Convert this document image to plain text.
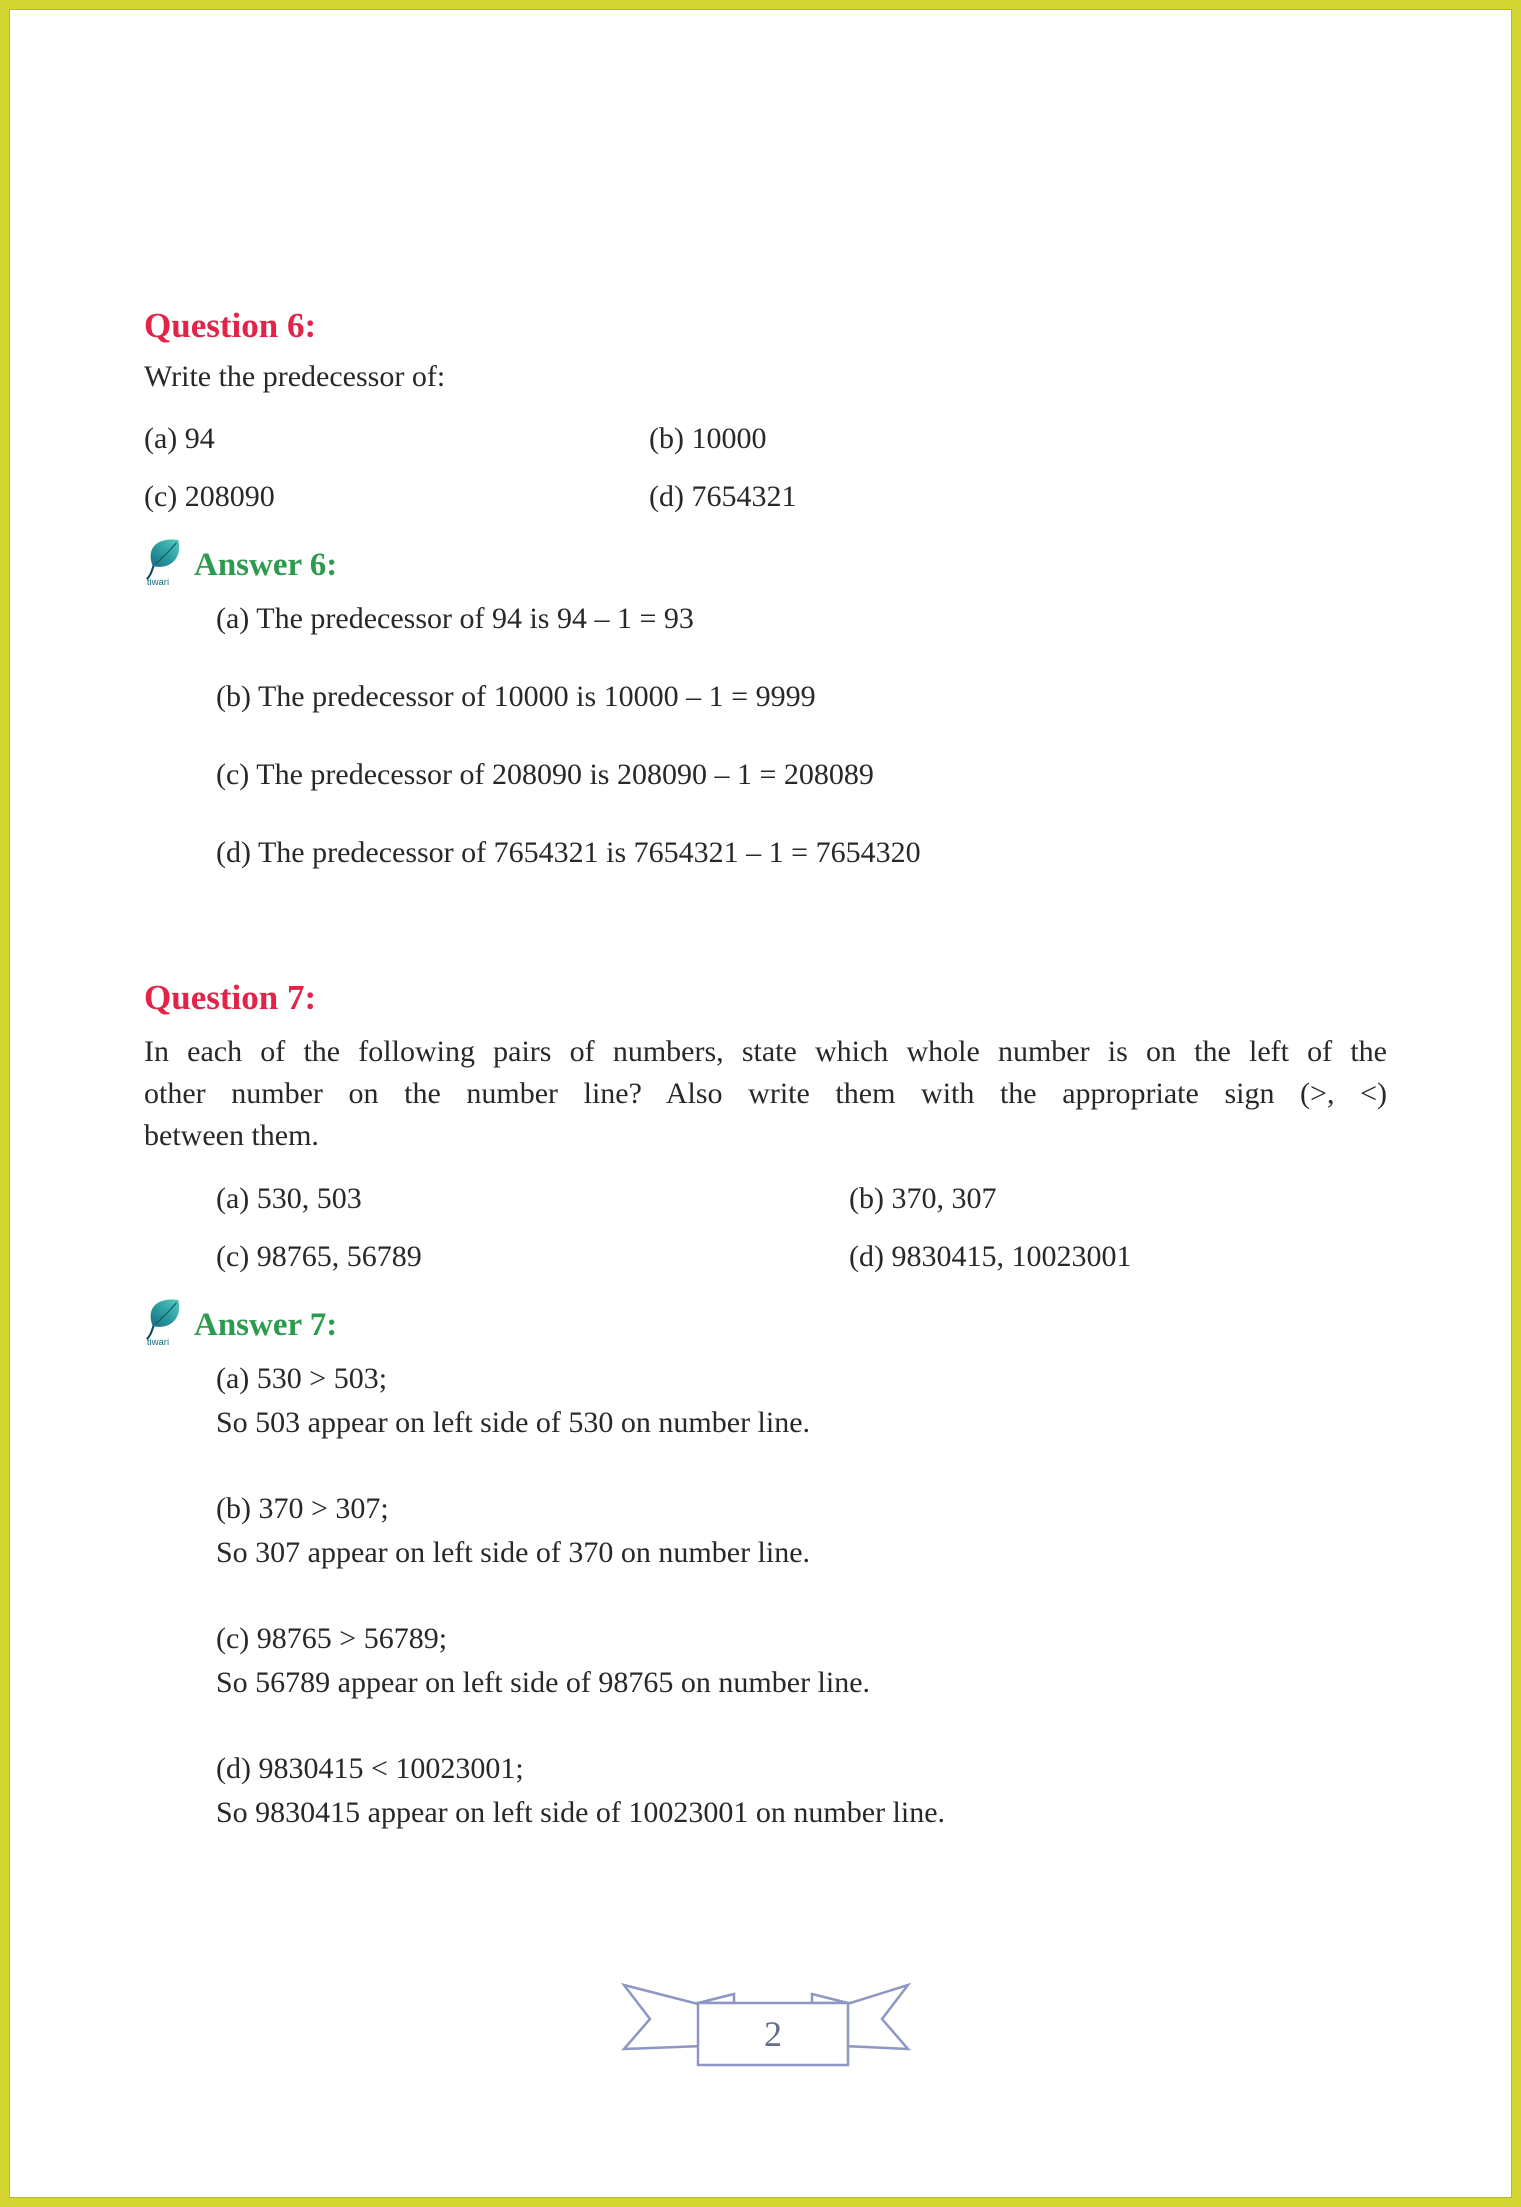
Question 6:

Write the predecessor of:

(a) 94	(b) 10000
(c) 208090	(d) 7654321
tiwari Answer 6:

(a) The predecessor of 94 is 94 – 1 = 93

(b) The predecessor of 10000 is 10000 – 1 = 9999

(c) The predecessor of 208090 is 208090 – 1 = 208089

(d) The predecessor of 7654321 is 7654321 – 1 = 7654320

Question 7:
In each of the following pairs of numbers, state which whole number is on the left of the
other number on the number line? Also write them with the appropriate sign (>, <)
between them.
(a) 530, 503	(b) 370, 307
(c) 98765, 56789	(d) 9830415, 10023001
tiwari Answer 7:

(a) 530 > 503;

So 503 appear on left side of 530 on number line.

(b) 370 > 307;

So 307 appear on left side of 370 on number line.

(c) 98765 > 56789;

So 56789 appear on left side of 98765 on number line.

(d) 9830415 < 10023001;

So 9830415 appear on left side of 10023001 on number line.

2
